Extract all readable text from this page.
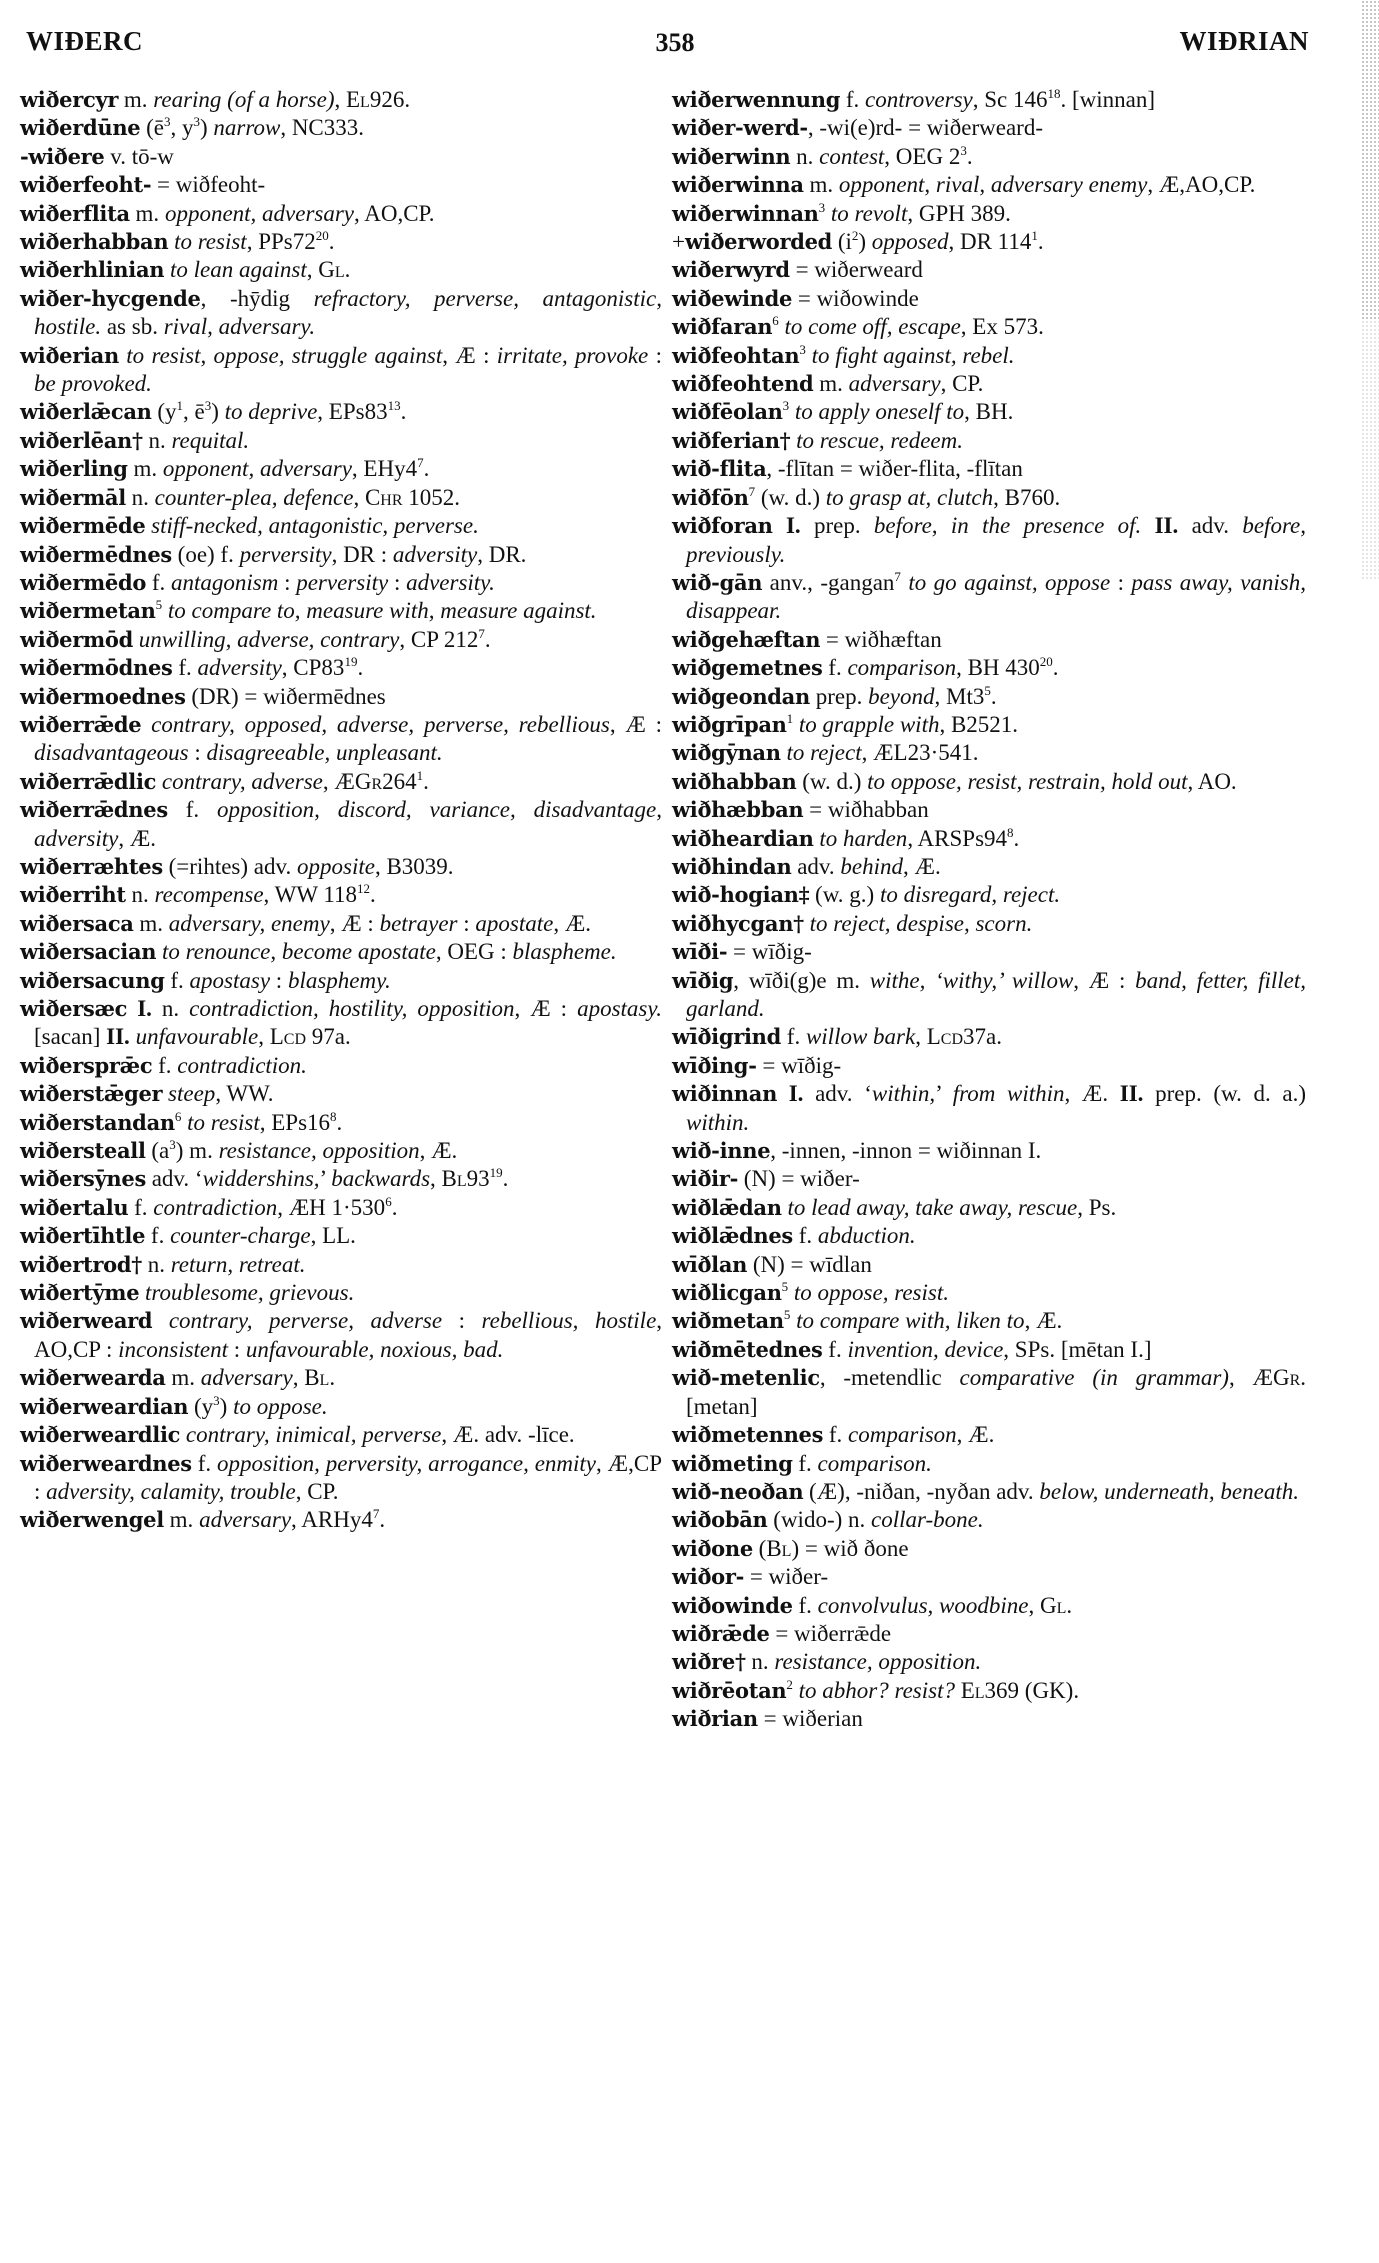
WIÐERC	358	WIÐRIAN

wiðercyr m. rearing (of a horse), El926.

wiðerdūne ($ē^3$, $y^3$) narrow, NC333.

-wiðere v. tō-w

wiðerfeoht- = wiðfeoht-

wiðerflita m. opponent, adversary, AO,CP.

wiðerhabban to resist, $PPs72^{20}$.

wiðerhlinian to lean against, Gl.

wiðer-hycgende, -hȳdig refractory, perverse, antagonistic, hostile. as sb. rival, adversary.

wiðerian to resist, oppose, struggle against, Æ : irritate, provoke : be provoked.

wiðerlǣcan ($y^1$, $ē^3$) to deprive, $EPs83^{13}$.

wiðerlēan† n. requital.

wiðerling m. opponent, adversary, $EHy4^7$.

wiðermāl n. counter-plea, defence, Chr 1052.

wiðermēde stiff-necked, antagonistic, perverse.

wiðermēdnes (oe) f. perversity, DR : adversity, DR.

wiðermēdo f. antagonism : perversity : adversity.

wiðermetan$^5$ to compare to, measure with, measure against.

wiðermōd unwilling, adverse, contrary, CP $212^7$.

wiðermōdnes f. adversity, $CP83^{19}$.

wiðermoednes (DR) = wiðermēdnes

wiðerrǣde contrary, opposed, adverse, perverse, rebellious, Æ : disadvantageous : disagreeable, unpleasant.

wiðerrǣdlic contrary, adverse, $ÆGr264^1$.

wiðerrǣdnes f. opposition, discord, variance, disadvantage, adversity, Æ.

wiðerræhtes (=rihtes) adv. opposite, B3039.

wiðerriht n. recompense, WW $118^{12}$.

wiðersaca m. adversary, enemy, Æ : betrayer : apostate, Æ.

wiðersacian to renounce, become apostate, OEG : blaspheme.

wiðersacung f. apostasy : blasphemy.

wiðersæc I. n. contradiction, hostility, opposition, Æ : apostasy. [sacan] II. unfavourable, Lcd 97a.

wiðersprǣc f. contradiction.

wiðerstǣger steep, WW.

wiðerstandan$^6$ to resist, $EPs16^8$.

wiðersteall $(a^3)$ m. resistance, opposition, Æ.

wiðersȳnes adv. ‘widdershins,’ backwards, $Bl93^{19}$.

wiðertalu f. contradiction, ÆH $1\cdot 530^6$.

wiðertīhtle f. counter-charge, LL.

wiðertrod† n. return, retreat.

wiðertȳme troublesome, grievous.

wiðerweard contrary, perverse, adverse : rebellious, hostile, AO,CP : inconsistent : unfavourable, noxious, bad.

wiðerwearda m. adversary, Bl.

wiðerweardian $(y^3)$ to oppose.

wiðerweardlic contrary, inimical, perverse, Æ. adv. -līce.

wiðerweardnes f. opposition, perversity, arrogance, enmity, Æ,CP : adversity, calamity, trouble, CP.

wiðerwengel m. adversary, $ARHy4^7$.

wiðerwennung f. controversy, Sc $146^{18}$. [winnan]

wiðer-werd-, -wi(e)rd- = wiðerweard-

wiðerwinn n. contest, OEG $2^3$.

wiðerwinna m. opponent, rival, adversary enemy, Æ,AO,CP.

wiðerwinnan$^3$ to revolt, GPH 389.

+wiðerworded $(i^2)$ opposed, DR $114^1$.

wiðerwyrd = wiðerweard

wiðewinde = wiðowinde

wiðfaran$^6$ to come off, escape, Ex 573.

wiðfeohtan$^3$ to fight against, rebel.

wiðfeohtend m. adversary, CP.

wiðfēolan$^3$ to apply oneself to, BH.

wiðferian† to rescue, redeem.

wið-flita, -flītan = wiðer-flita, -flītan

wiðfōn$^7$ (w. d.) to grasp at, clutch, B760.

wiðforan I. prep. before, in the presence of. II. adv. before, previously.

wið-gān anv., -gangan$^7$ to go against, oppose : pass away, vanish, disappear.

wiðgehæftan = wiðhæftan

wiðgemetnes f. comparison, BH $430^{20}$.

wiðgeondan prep. beyond, $Mt3^5$.

wiðgrīpan$^1$ to grapple with, B2521.

wiðgȳnan to reject, ÆL23·541.

wiðhabban (w. d.) to oppose, resist, restrain, hold out, AO.

wiðhæbban = wiðhabban

wiðheardian to harden, $ARSPs94^8$.

wiðhindan adv. behind, Æ.

wið-hogian‡ (w. g.) to disregard, reject.

wiðhycgan† to reject, despise, scorn.

wīði- = wīðig-

wīðig, wīði(g)e m. withe, ‘withy,’ willow, Æ : band, fetter, fillet, garland.

wīðigrind f. willow bark, Lcd37a.

wīðing- = wīðig-

wiðinnan I. adv. ‘within,’ from within, Æ. II. prep. (w. d. a.) within.

wið-inne, -innen, -innon = wiðinnan I.

wiðir- (N) = wiðer-

wiðlǣdan to lead away, take away, rescue, Ps.

wiðlǣdnes f. abduction.

wīðlan (N) = wīdlan

wiðlicgan$^5$ to oppose, resist.

wiðmetan$^5$ to compare with, liken to, Æ.

wiðmētednes f. invention, device, SPs. [mētan I.]

wið-metenlic, -metendlic comparative (in grammar), ÆGr. [metan]

wiðmetennes f. comparison, Æ.

wiðmeting f. comparison.

wið-neoðan (Æ), -niðan, -nyðan adv. below, underneath, beneath.

wiðobān (wido-) n. collar-bone.

wiðone (Bl) = wið ðone

wiðor- = wiðer-

wiðowinde f. convolvulus, woodbine, Gl.

wiðrǣde = wiðerrǣde

wiðre† n. resistance, opposition.

wiðrēotan$^2$ to abhor? resist? El369 (GK).

wiðrian = wiðerian
